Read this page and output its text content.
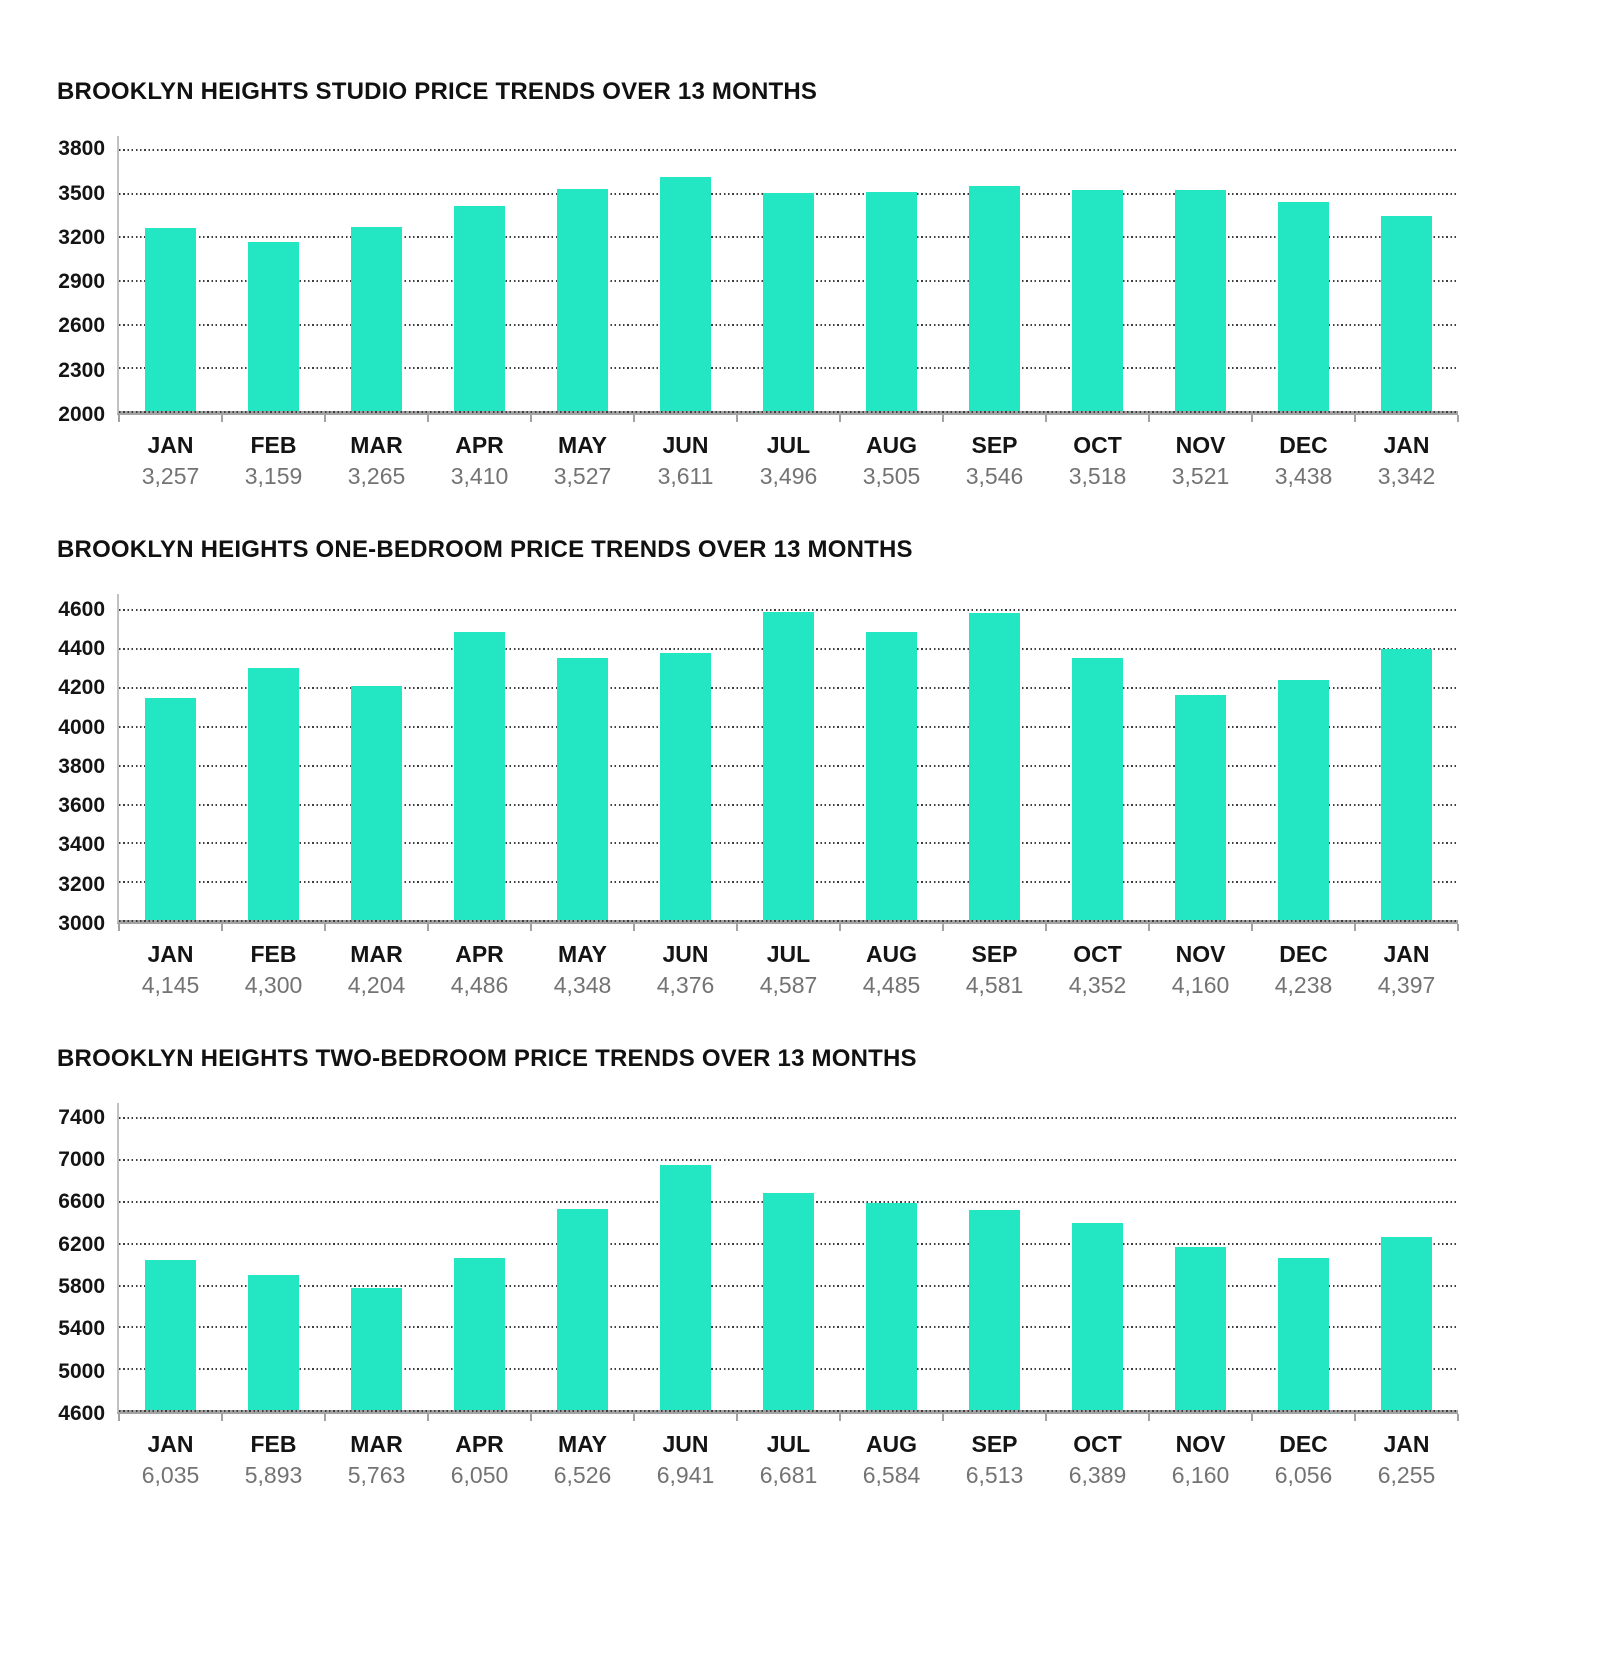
BROOKLYN HEIGHTS STUDIO PRICE TRENDS OVER 13 MONTHS
2000
2300
2600
2900
3200
3500
3800
JAN
3,257
FEB
3,159
MAR
3,265
APR
3,410
MAY
3,527
JUN
3,611
JUL
3,496
AUG
3,505
SEP
3,546
OCT
3,518
NOV
3,521
DEC
3,438
JAN
3,342
BROOKLYN HEIGHTS ONE-BEDROOM PRICE TRENDS OVER 13 MONTHS
3000
3200
3400
3600
3800
4000
4200
4400
4600
JAN
4,145
FEB
4,300
MAR
4,204
APR
4,486
MAY
4,348
JUN
4,376
JUL
4,587
AUG
4,485
SEP
4,581
OCT
4,352
NOV
4,160
DEC
4,238
JAN
4,397
BROOKLYN HEIGHTS TWO-BEDROOM PRICE TRENDS OVER 13 MONTHS
4600
5000
5400
5800
6200
6600
7000
7400
JAN
6,035
FEB
5,893
MAR
5,763
APR
6,050
MAY
6,526
JUN
6,941
JUL
6,681
AUG
6,584
SEP
6,513
OCT
6,389
NOV
6,160
DEC
6,056
JAN
6,255
